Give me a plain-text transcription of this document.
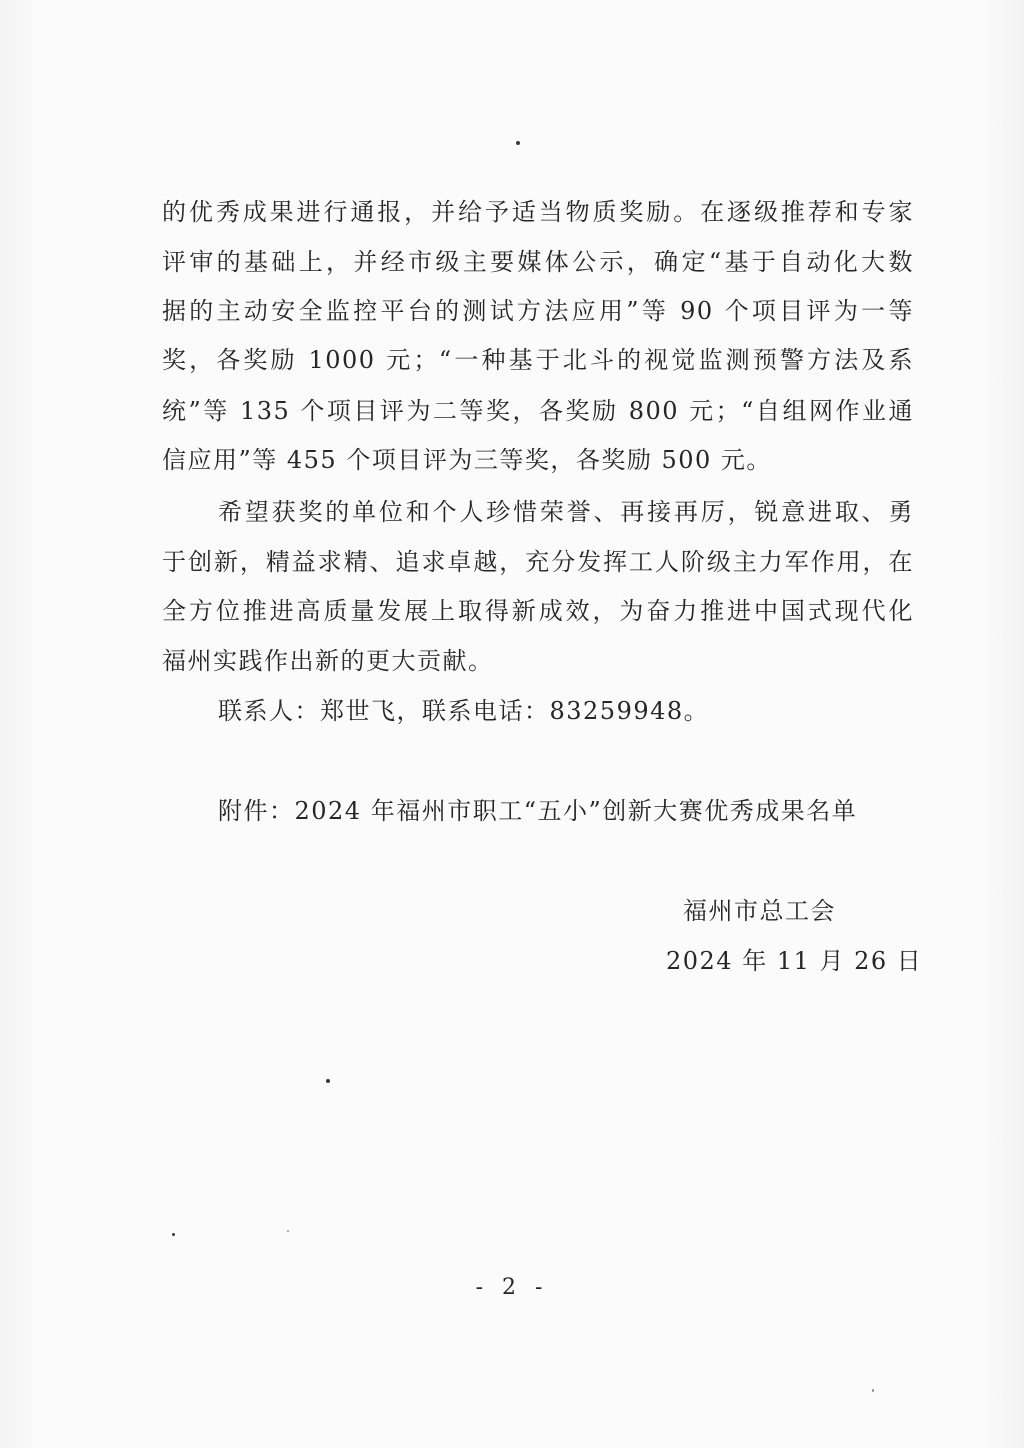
的优秀成果进行通报，并给予适当物质奖励。在逐级推荐和专家
评审的基础上，并经市级主要媒体公示，确定“基于自动化大数
据的主动安全监控平台的测试方法应用”等 90 个项目评为一等
奖，各奖励 1000 元；“一种基于北斗的视觉监测预警方法及系
统”等 135 个项目评为二等奖，各奖励 800 元；“自组网作业通
信应用”等 455 个项目评为三等奖，各奖励 500 元。
希望获奖的单位和个人珍惜荣誉、再接再厉，锐意进取、勇
于创新，精益求精、追求卓越，充分发挥工人阶级主力军作用，在
全方位推进高质量发展上取得新成效，为奋力推进中国式现代化
福州实践作出新的更大贡献。
联系人：郑世飞，联系电话：83259948。
附件：2024 年福州市职工“五小”创新大赛优秀成果名单
福州市总工会
2024 年 11 月 26 日
- 2 -
